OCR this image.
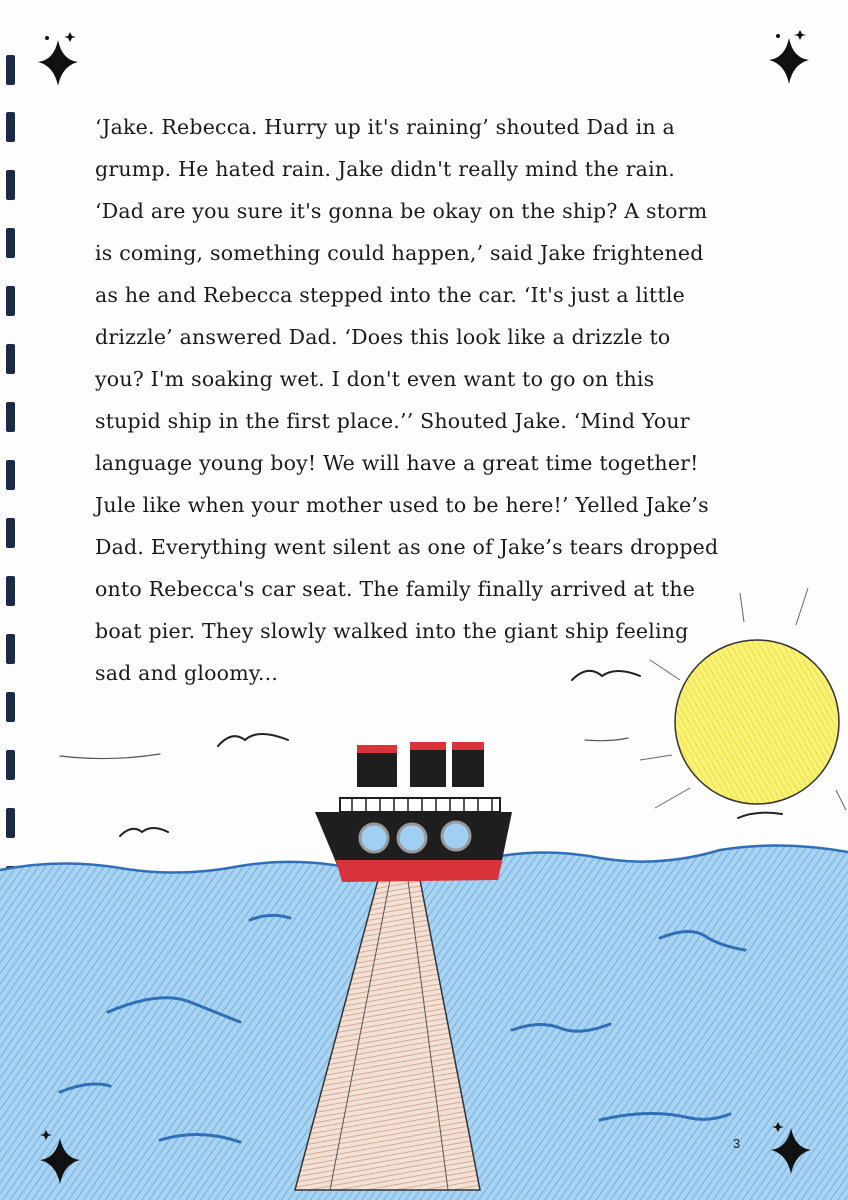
‘Jake. Rebecca. Hurry up it's raining’ shouted Dad in a
grump. He hated rain. Jake didn't really mind the rain.
‘Dad are you sure it's gonna be okay on the ship? A storm
is coming, something could happen,’ said Jake frightened
as he and Rebecca stepped into the car. ‘It's just a little
drizzle’ answered Dad. ‘Does this look like a drizzle to
you? I'm soaking wet. I don't even want to go on this
stupid ship in the first place.’’ Shouted Jake. ‘Mind Your
language young boy! We will have a great time together!
Jule like when your mother used to be here!’ Yelled Jake’s
Dad. Everything went silent as one of Jake’s tears dropped
onto Rebecca's car seat. The family finally arrived at the
boat pier. They slowly walked into the giant ship feeling
sad and gloomy...

3
